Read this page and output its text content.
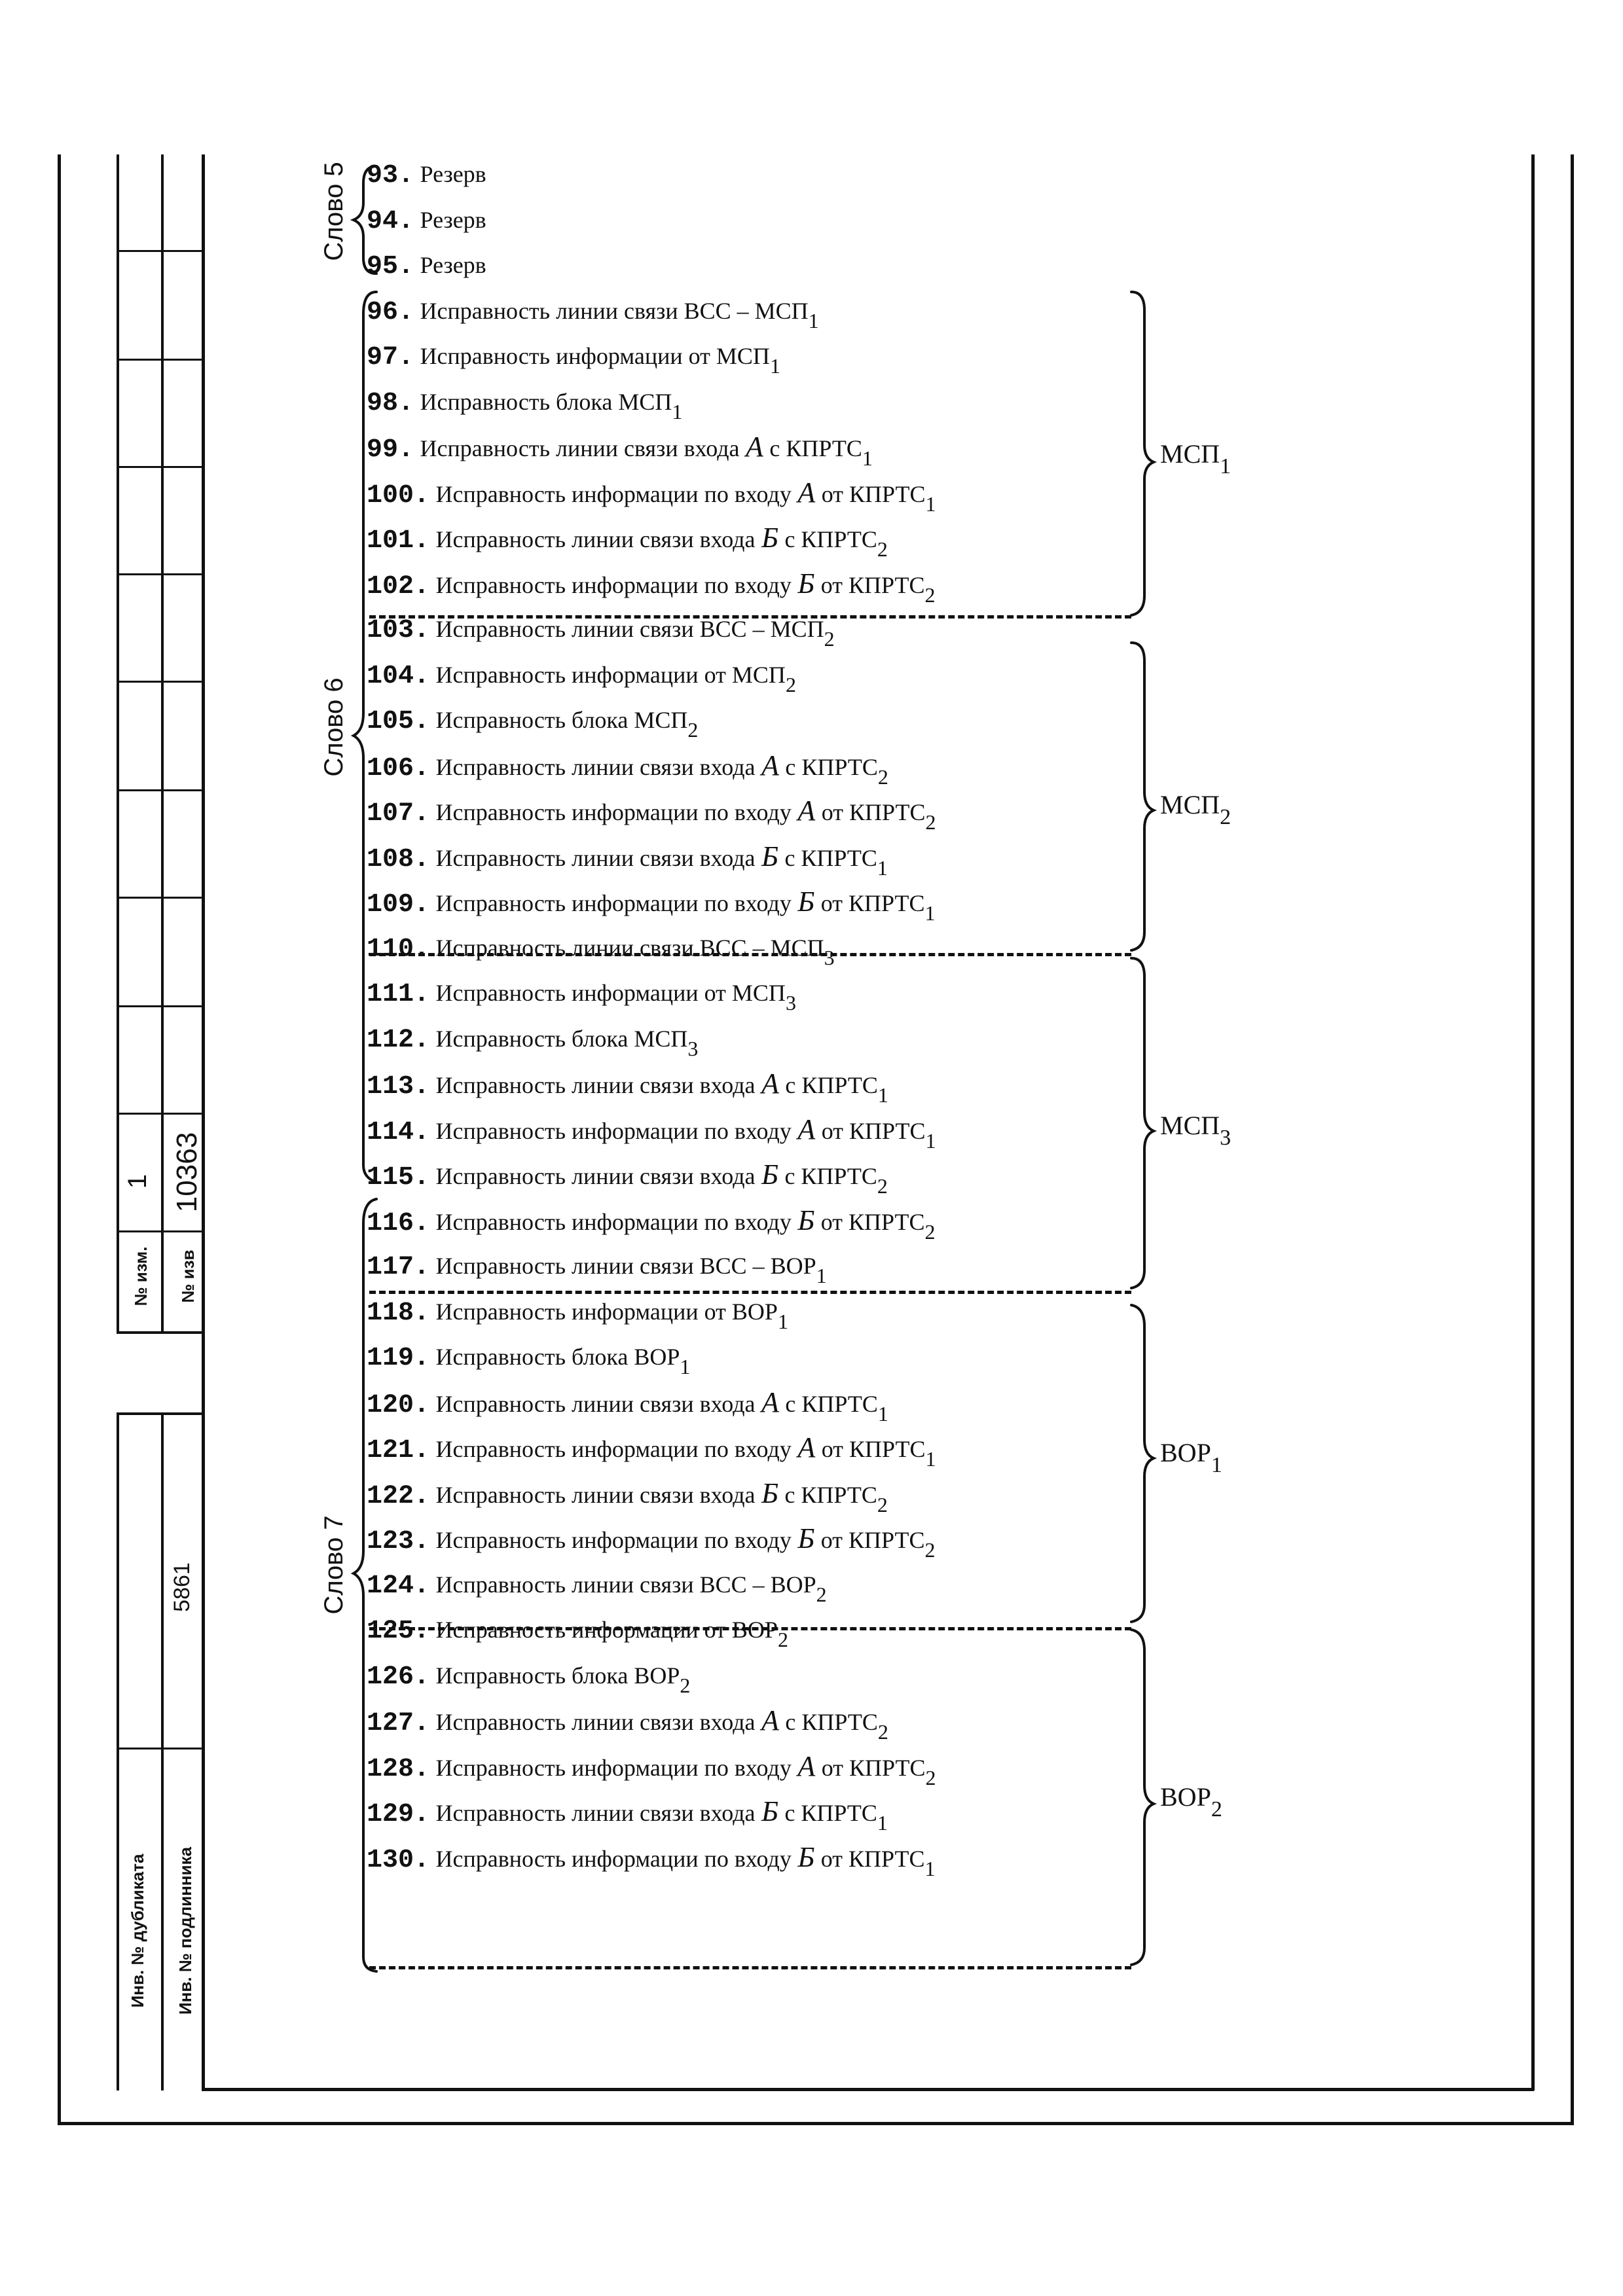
№ изм.
1
№ изв
10363
5861
Инв. № дубликата Инв. № подлинника
Слово 5
Слово 6
Слово 7
$МСП_1$
$МСП_2$
$МСП_3$
$ВОР_1$
$ВОР_2$
93. Резерв
94. Резерв
95. Резерв
96. Исправность линии связи ВСС – $МСП_1$
97. Исправность информации от $МСП_1$
98. Исправность блока $МСП_1$
99. Исправность линии связи входа А с $КПРТС_1$
100. Исправность информации по входу А от $КПРТС_1$
101. Исправность линии связи входа Б с $КПРТС_2$
102. Исправность информации по входу Б от $КПРТС_2$
103. Исправность линии связи ВСС – $МСП_2$
104. Исправность информации от $МСП_2$
105. Исправность блока $МСП_2$
106. Исправность линии связи входа А с $КПРТС_2$
107. Исправность информации по входу А от $КПРТС_2$
108. Исправность линии связи входа Б с $КПРТС_1$
109. Исправность информации по входу Б от $КПРТС_1$
110. Исправность линии связи ВСС – $МСП_3$
111. Исправность информации от $МСП_3$
112. Исправность блока $МСП_3$
113. Исправность линии связи входа А с $КПРТС_1$
114. Исправность информации по входу А от $КПРТС_1$
115. Исправность линии связи входа Б с $КПРТС_2$
116. Исправность информации по входу Б от $КПРТС_2$
117. Исправность линии связи ВСС – $ВОР_1$
118. Исправность информации от $ВОР_1$
119. Исправность блока $ВОР_1$
120. Исправность линии связи входа А с $КПРТС_1$
121. Исправность информации по входу А от $КПРТС_1$
122. Исправность линии связи входа Б с $КПРТС_2$
123. Исправность информации по входу Б от $КПРТС_2$
124. Исправность линии связи ВСС – $ВОР_2$
125. Исправность информации от $ВОР_2$
126. Исправность блока $ВОР_2$
127. Исправность линии связи входа А с $КПРТС_2$
128. Исправность информации по входу А от $КПРТС_2$
129. Исправность линии связи входа Б с $КПРТС_1$
130. Исправность информации по входу Б от $КПРТС_1$
